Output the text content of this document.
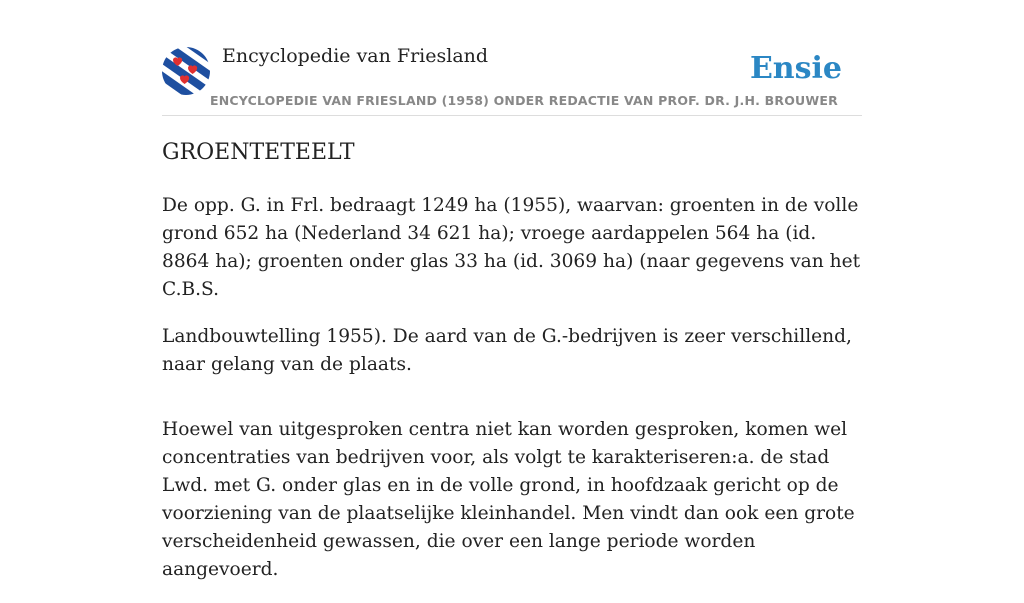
Encyclopedie van Friesland	Ensie
ENCYCLOPEDIE VAN FRIESLAND (1958) ONDER REDACTIE VAN PROF. DR. J.H. BROUWER
GROENTETEELT

De opp. G. in Frl. bedraagt 1249 ha (1955), waarvan: groenten in de volle grond 652 ha (Nederland 34 621 ha); vroege aardappelen 564 ha (id. 8864 ha); groenten onder glas 33 ha (id. 3069 ha) (naar gegevens van het C.B.S.

Landbouwtelling 1955). De aard van de G.-bedrijven is zeer verschillend, naar gelang van de plaats.

Hoewel van uitgesproken centra niet kan worden gesproken, komen wel concentraties van bedrijven voor, als volgt te karakteriseren:a. de stad Lwd. met G. onder glas en in de volle grond, in hoofdzaak gericht op de voorziening van de plaatselijke kleinhandel. Men vindt dan ook een grote verscheidenheid gewassen, die over een lange periode worden aangevoerd.
